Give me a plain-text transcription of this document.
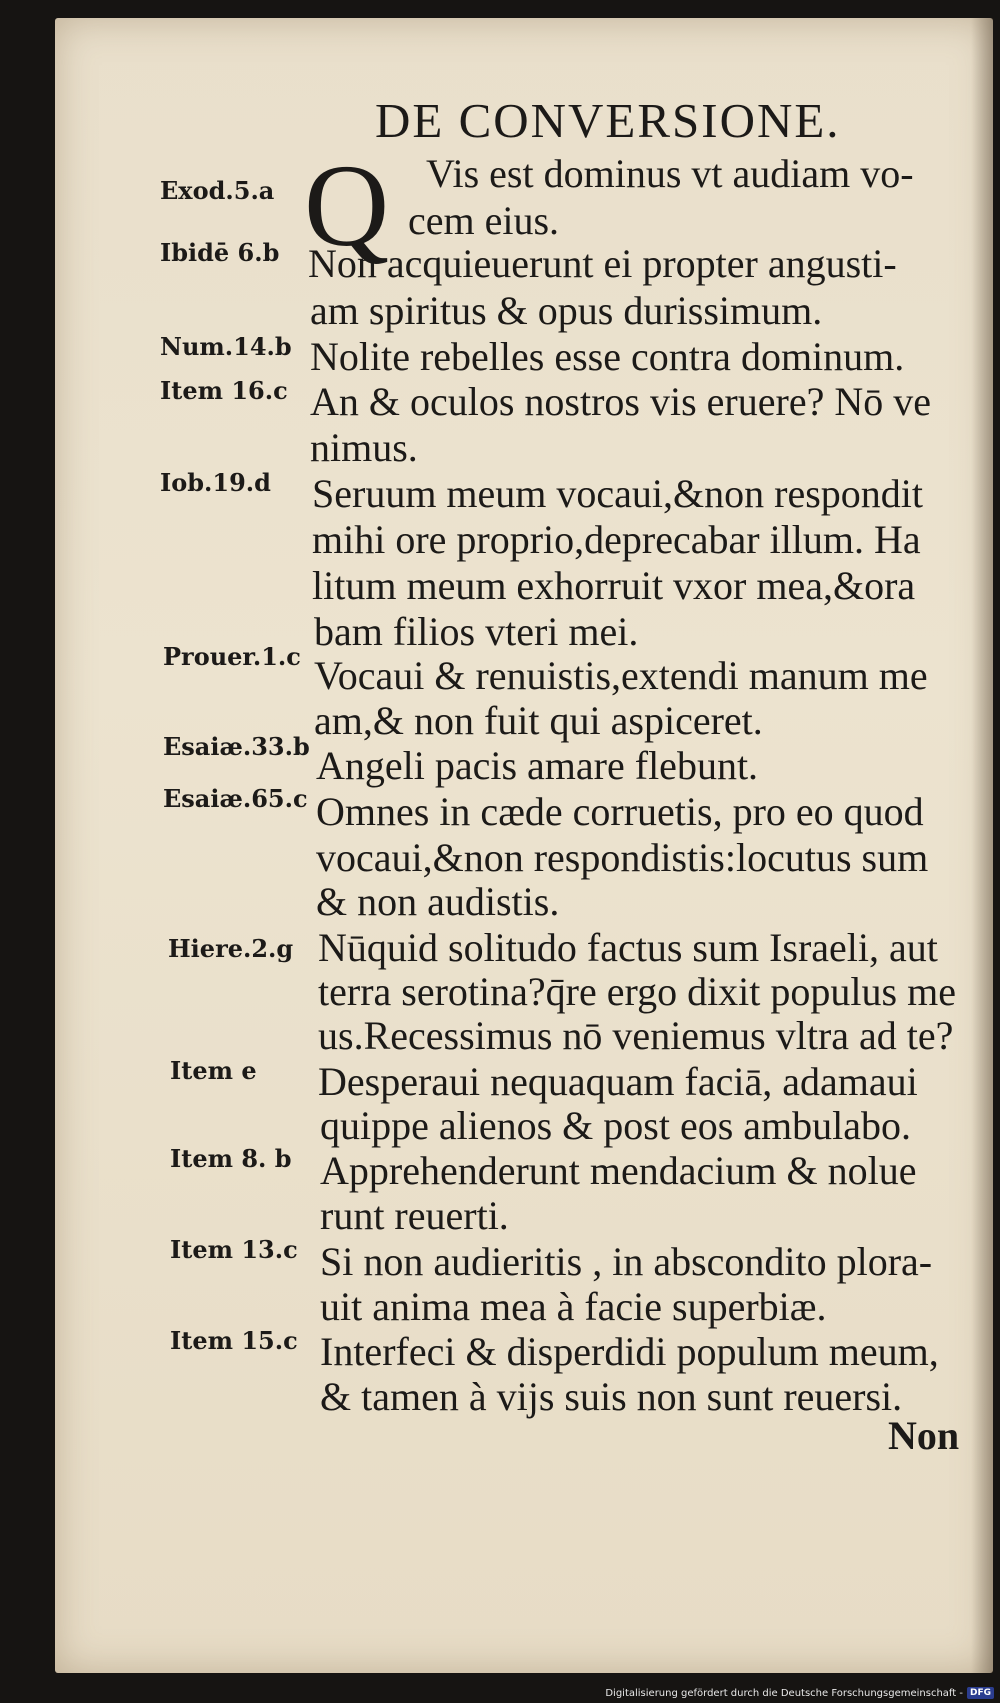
DE CONVERSIONE.
Q
Exod.5.a
Ibidē 6.b
Num.14.b
Item 16.c
Iob.19.d
Prouer.1.c
Esaiæ.33.b
Esaiæ.65.c
Hiere.2.g
Item e
Item 8. b
Item 13.c
Item 15.c
Vis est dominus vt audiam vo-
cem eius.
Non acquieuerunt ei propter angusti-
am spiritus & opus durissimum.
Nolite rebelles esse contra dominum.
An & oculos nostros vis eruere? Nō ve
nimus.
Seruum meum vocaui,&non respondit
mihi ore proprio,deprecabar illum. Ha
litum meum exhorruit vxor mea,&ora
bam filios vteri mei.
Vocaui & renuistis,extendi manum me
am,& non fuit qui aspiceret.
Angeli pacis amare flebunt.
Omnes in cæde corruetis, pro eo quod
vocaui,&non respondistis:locutus sum
& non audistis.
Nūquid solitudo factus sum Israeli, aut
terra serotina?q̄re ergo dixit populus me
us.Recessimus nō veniemus vltra ad te?
Desperaui nequaquam faciā, adamaui
quippe alienos & post eos ambulabo.
Apprehenderunt mendacium & nolue
runt reuerti.
Si non audieritis , in abscondito plora-
uit anima mea à facie superbiæ.
Interfeci & disperdidi populum meum,
& tamen à vijs suis non sunt reuersi.
Non
Digitalisierung gefördert durch die Deutsche Forschungsgemeinschaft - DFG
